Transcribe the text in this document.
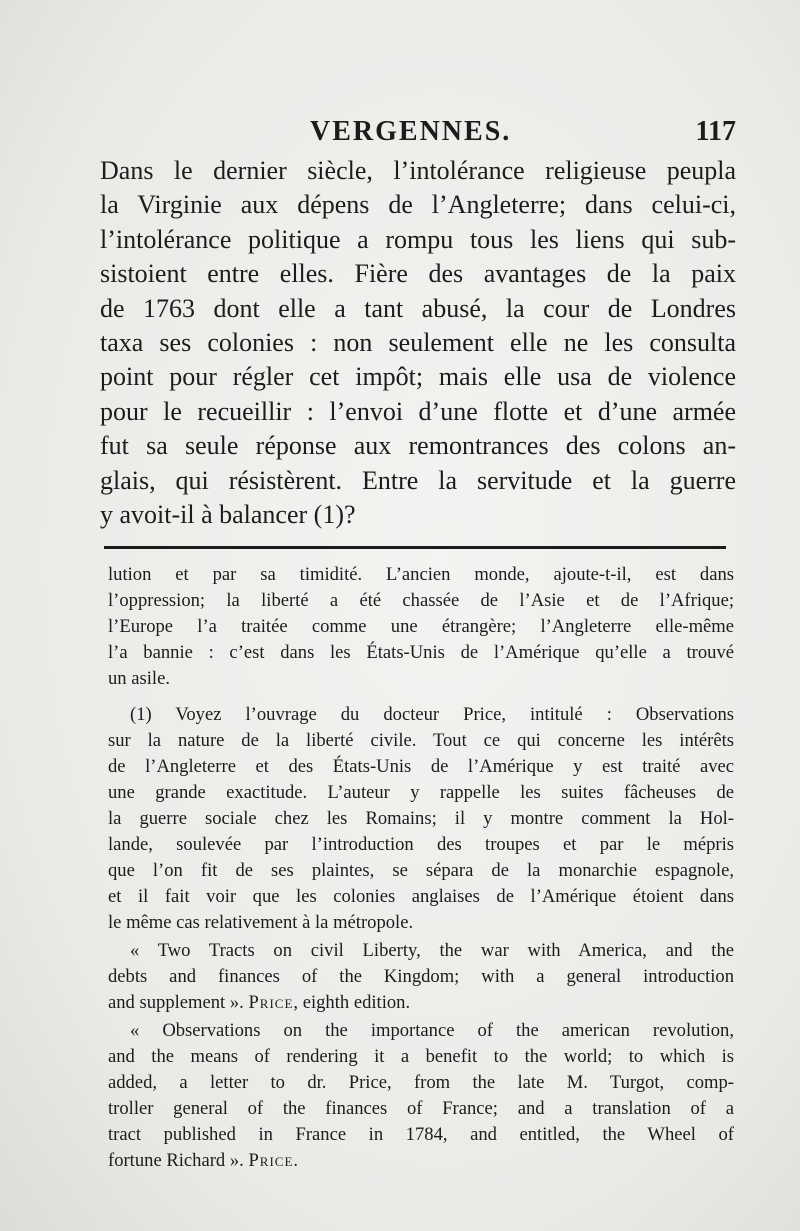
VERGENNES.	117
Dans le dernier siècle, l’intolérance religieuse peupla
la Virginie aux dépens de l’Angleterre; dans celui-ci,
l’intolérance politique a rompu tous les liens qui sub-
sistoient entre elles. Fière des avantages de la paix
de 1763 dont elle a tant abusé, la cour de Londres
taxa ses colonies : non seulement elle ne les consulta
point pour régler cet impôt; mais elle usa de violence
pour le recueillir : l’envoi d’une flotte et d’une armée
fut sa seule réponse aux remontrances des colons an-
glais, qui résistèrent. Entre la servitude et la guerre
y avoit-il à balancer (1)?
lution et par sa timidité. L’ancien monde, ajoute-t-il, est dans
l’oppression; la liberté a été chassée de l’Asie et de l’Afrique;
l’Europe l’a traitée comme une étrangère; l’Angleterre elle-même
l’a bannie : c’est dans les États-Unis de l’Amérique qu’elle a trouvé
un asile.
(1) Voyez l’ouvrage du docteur Price, intitulé : Observations
sur la nature de la liberté civile. Tout ce qui concerne les intérêts
de l’Angleterre et des États-Unis de l’Amérique y est traité avec
une grande exactitude. L’auteur y rappelle les suites fâcheuses de
la guerre sociale chez les Romains; il y montre comment la Hol-
lande, soulevée par l’introduction des troupes et par le mépris
que l’on fit de ses plaintes, se sépara de la monarchie espagnole,
et il fait voir que les colonies anglaises de l’Amérique étoient dans
le même cas relativement à la métropole.
« Two Tracts on civil Liberty, the war with America, and the
debts and finances of the Kingdom; with a general introduction
and supplement ». Price, eighth edition.
« Observations on the importance of the american revolution,
and the means of rendering it a benefit to the world; to which is
added, a letter to dr. Price, from the late M. Turgot, comp-
troller general of the finances of France; and a translation of a
tract published in France in 1784, and entitled, the Wheel of
fortune Richard ». Price.
